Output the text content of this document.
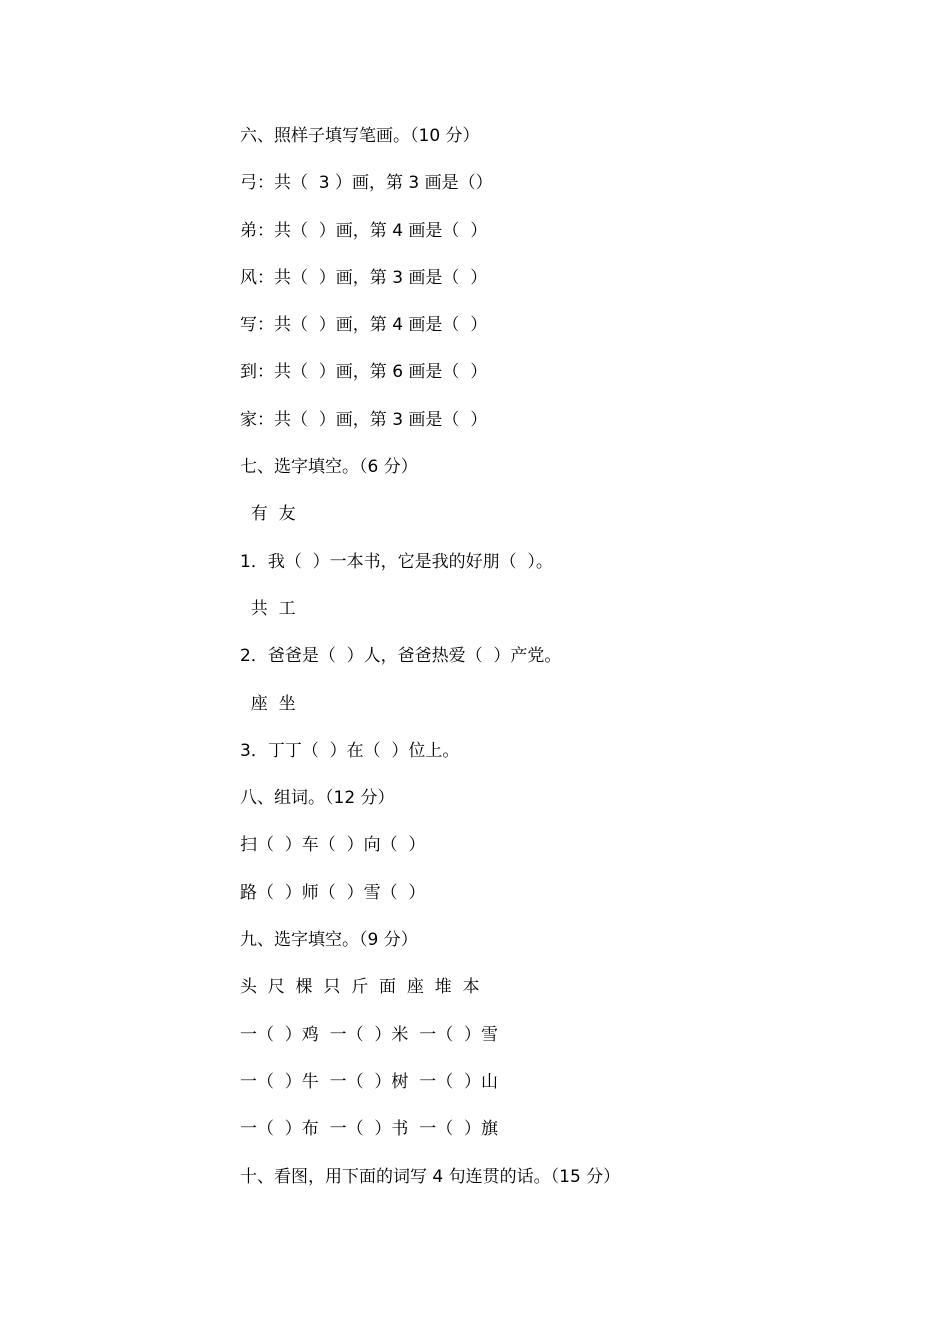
六、照样子填写笔画。（10 分）
弓：共（  3 ）画，第 3 画是（）
弟：共（  ）画，第 4 画是（  ）
风：共（  ）画，第 3 画是（  ）
写：共（  ）画，第 4 画是（  ）
到：共（  ）画，第 6 画是（  ）
家：共（  ）画，第 3 画是（  ）
七、选字填空。（6 分）
有  友
1．我（  ）一本书，它是我的好朋（  ）。
共  工
2．爸爸是（  ）人，爸爸热爱（  ）产党。
座  坐
3．丁丁（  ）在（  ）位上。
八、组词。（12 分）
扫（  ）车（  ）向（  ）
路（  ）师（  ）雪（  ）
九、选字填空。（9 分）
头  尺  棵  只  斤  面  座  堆  本
一（  ）鸡  一（  ）米  一（  ）雪
一（  ）牛  一（  ）树  一（  ）山
一（  ）布  一（  ）书  一（  ）旗
十、看图，用下面的词写 4 句连贯的话。（15 分）
